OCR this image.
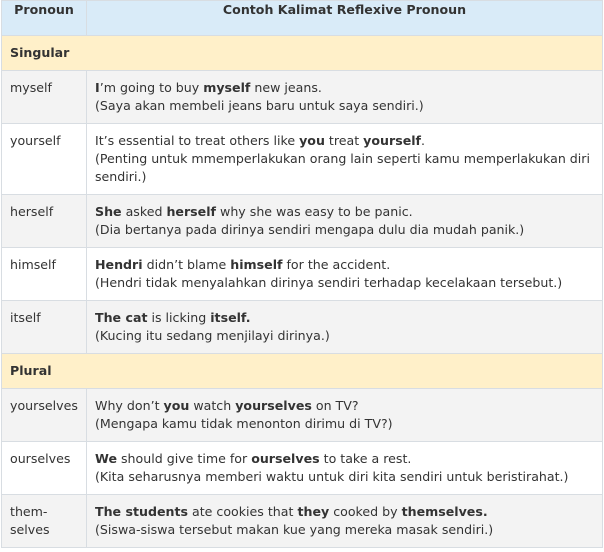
Pronoun	Contoh Kalimat Reflexive Pronoun
Singular	
myself	I’m going to buy myself new jeans.
(Saya akan membeli jeans baru untuk saya sendiri.)

yourself	It’s essential to treat others like you treat yourself.
(Penting untuk mmemperlakukan orang lain seperti kamu memperlakukan diri sendiri.)

herself	She asked herself why she was easy to be panic.
(Dia bertanya pada dirinya sendiri mengapa dulu dia mudah panik.)

himself	Hendri didn’t blame himself for the accident.
(Hendri tidak menyalahkan dirinya sendiri terhadap kecelakaan tersebut.)

itself	The cat is licking itself.
(Kucing itu sedang menjilayi dirinya.)

Plural	
yourselves	Why don’t you watch yourselves on TV?
(Mengapa kamu tidak menonton dirimu di TV?)

ourselves	We should give time for ourselves to take a rest.
(Kita seharusnya memberi waktu untuk diri kita sendiri untuk beristirahat.)

them-selves	The students ate cookies that they cooked by themselves.
(Siswa-siswa tersebut makan kue yang mereka masak sendiri.)
